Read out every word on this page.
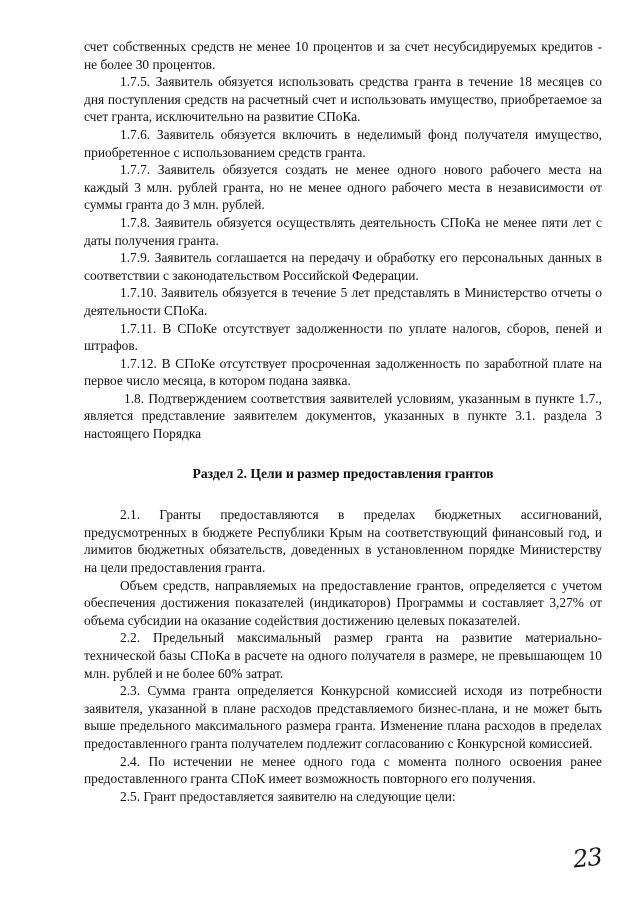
счет собственных средств не менее 10 процентов и за счет несубсидируемых кредитов - не более 30 процентов.

1.7.5. Заявитель обязуется использовать средства гранта в течение 18 месяцев со дня поступления средств на расчетный счет и использовать имущество, приобретаемое за счет гранта, исключительно на развитие СПоКа.

1.7.6. Заявитель обязуется включить в неделимый фонд получателя имущество, приобретенное с использованием средств гранта.

1.7.7. Заявитель обязуется создать не менее одного нового рабочего места на каждый 3 млн. рублей гранта, но не менее одного рабочего места в независимости от суммы гранта до 3 млн. рублей.

1.7.8. Заявитель обязуется осуществлять деятельность СПоКа не менее пяти лет с даты получения гранта.

1.7.9. Заявитель соглашается на передачу и обработку его персональных данных в соответствии с законодательством Российской Федерации.

1.7.10. Заявитель обязуется в течение 5 лет представлять в Министерство отчеты о деятельности СПоКа.

1.7.11. В СПоКе отсутствует задолженности по уплате налогов, сборов, пеней и штрафов.

1.7.12. В СПоКе отсутствует просроченная задолженность по заработной плате на первое число месяца, в котором подана заявка.

1.8. Подтверждением соответствия заявителей условиям, указанным в пункте 1.7., является представление заявителем документов, указанных в пункте 3.1. раздела 3 настоящего Порядка

Раздел 2. Цели и размер предоставления грантов

2.1. Гранты предоставляются в пределах бюджетных ассигнований, предусмотренных в бюджете Республики Крым на соответствующий финансовый год, и лимитов бюджетных обязательств, доведенных в установленном порядке Министерству на цели предоставления гранта.

Объем средств, направляемых на предоставление грантов, определяется с учетом обеспечения достижения показателей (индикаторов) Программы и составляет 3,27% от объема субсидии на оказание содействия достижению целевых показателей.

2.2. Предельный максимальный размер гранта на развитие материально-технической базы СПоКа в расчете на одного получателя в размере, не превышающем 10 млн. рублей и не более 60% затрат.

2.3. Сумма гранта определяется Конкурсной комиссией исходя из потребности заявителя, указанной в плане расходов представляемого бизнес-плана, и не может быть выше предельного максимального размера гранта. Изменение плана расходов в пределах предоставленного гранта получателем подлежит согласованию с Конкурсной комиссией.

2.4. По истечении не менее одного года с момента полного освоения ранее предоставленного гранта СПоК имеет возможность повторного его получения.

2.5. Грант предоставляется заявителю на следующие цели:

23
